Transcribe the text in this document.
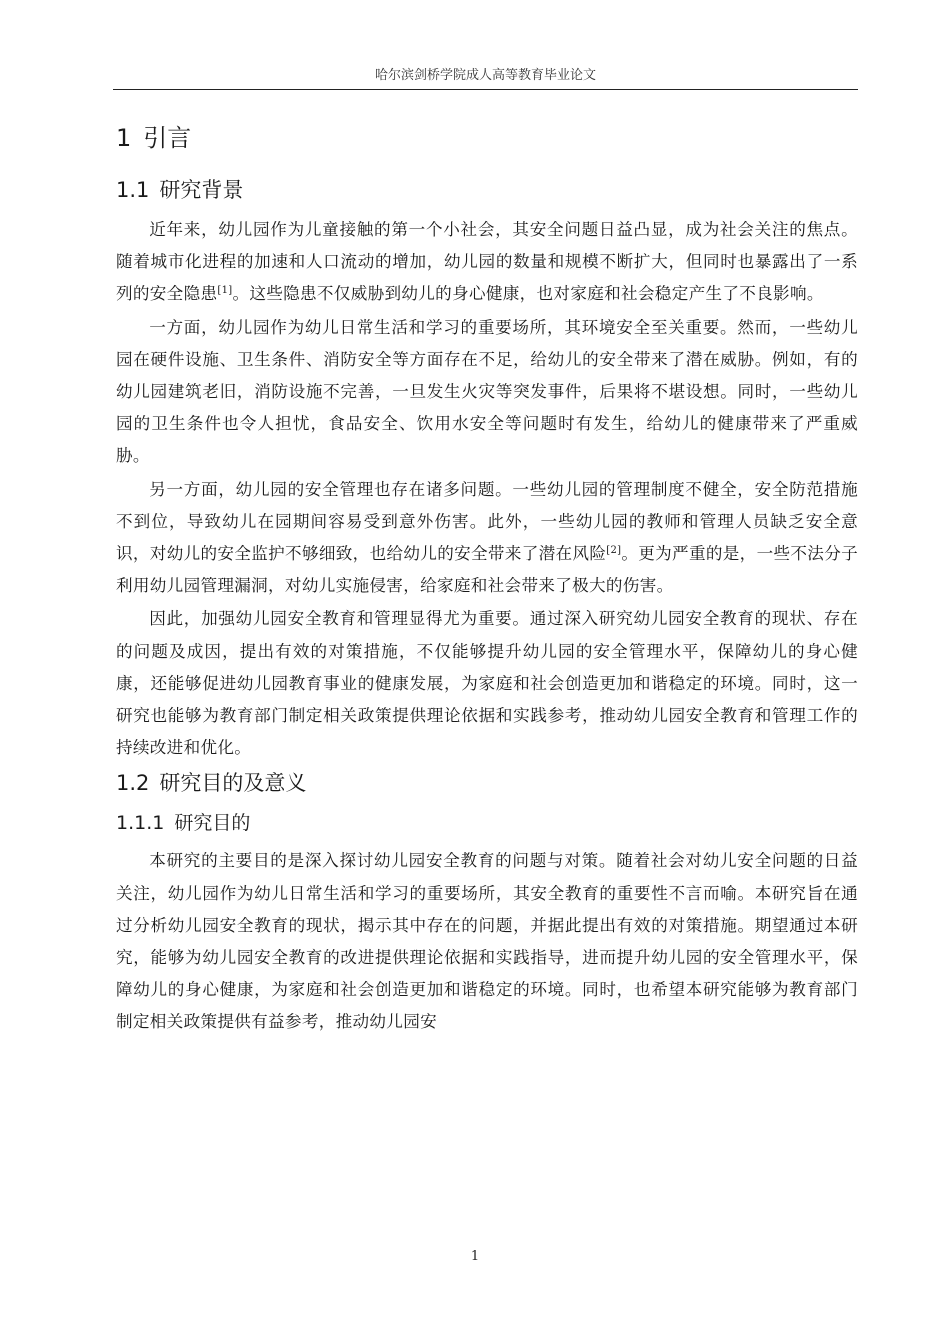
哈尔滨剑桥学院成人高等教育毕业论文
1 引言
1.1 研究背景

近年来，幼儿园作为儿童接触的第一个小社会，其安全问题日益凸显，成为社会关注的焦点。随着城市化进程的加速和人口流动的增加，幼儿园的数量和规模不断扩大，但同时也暴露出了一系列的安全隐患[1]。这些隐患不仅威胁到幼儿的身心健康，也对家庭和社会稳定产生了不良影响。

一方面，幼儿园作为幼儿日常生活和学习的重要场所，其环境安全至关重要。然而，一些幼儿园在硬件设施、卫生条件、消防安全等方面存在不足，给幼儿的安全带来了潜在威胁。例如，有的幼儿园建筑老旧，消防设施不完善，一旦发生火灾等突发事件，后果将不堪设想。同时，一些幼儿园的卫生条件也令人担忧，食品安全、饮用水安全等问题时有发生，给幼儿的健康带来了严重威胁。

另一方面，幼儿园的安全管理也存在诸多问题。一些幼儿园的管理制度不健全，安全防范措施不到位，导致幼儿在园期间容易受到意外伤害。此外，一些幼儿园的教师和管理人员缺乏安全意识，对幼儿的安全监护不够细致，也给幼儿的安全带来了潜在风险[2]。更为严重的是，一些不法分子利用幼儿园管理漏洞，对幼儿实施侵害，给家庭和社会带来了极大的伤害。

因此，加强幼儿园安全教育和管理显得尤为重要。通过深入研究幼儿园安全教育的现状、存在的问题及成因，提出有效的对策措施，不仅能够提升幼儿园的安全管理水平，保障幼儿的身心健康，还能够促进幼儿园教育事业的健康发展，为家庭和社会创造更加和谐稳定的环境。同时，这一研究也能够为教育部门制定相关政策提供理论依据和实践参考，推动幼儿园安全教育和管理工作的持续改进和优化。

1.2 研究目的及意义
1.1.1 研究目的

本研究的主要目的是深入探讨幼儿园安全教育的问题与对策。随着社会对幼儿安全问题的日益关注，幼儿园作为幼儿日常生活和学习的重要场所，其安全教育的重要性不言而喻。本研究旨在通过分析幼儿园安全教育的现状，揭示其中存在的问题，并据此提出有效的对策措施。期望通过本研究，能够为幼儿园安全教育的改进提供理论依据和实践指导，进而提升幼儿园的安全管理水平，保障幼儿的身心健康，为家庭和社会创造更加和谐稳定的环境。同时，也希望本研究能够为教育部门制定相关政策提供有益参考，推动幼儿园安

1
